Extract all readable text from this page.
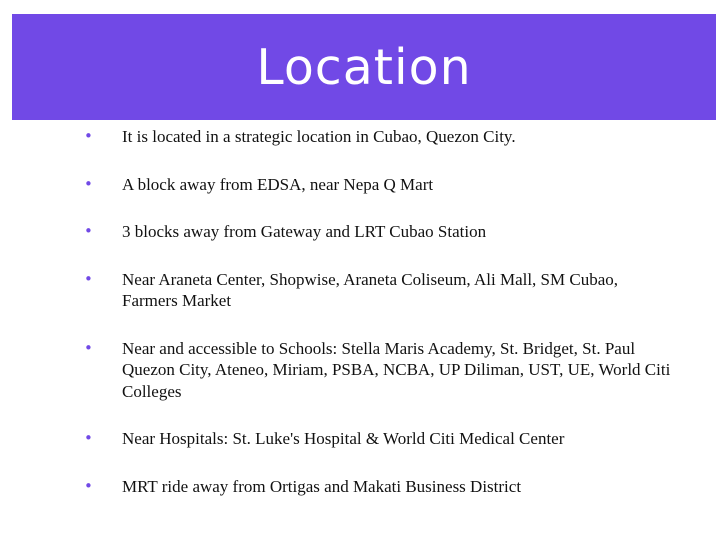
Location
• It is located in a strategic location in Cubao, Quezon City.
• A block away from EDSA, near Nepa Q Mart
• 3 blocks away from Gateway and LRT Cubao Station
• Near Araneta Center, Shopwise, Araneta Coliseum, Ali Mall, SM Cubao, Farmers Market
• Near and accessible to Schools: Stella Maris Academy, St. Bridget, St. Paul Quezon City, Ateneo, Miriam, PSBA, NCBA, UP Diliman, UST, UE, World Citi Colleges
• Near Hospitals: St. Luke's Hospital & World Citi Medical Center
• MRT ride away from Ortigas and Makati Business District
